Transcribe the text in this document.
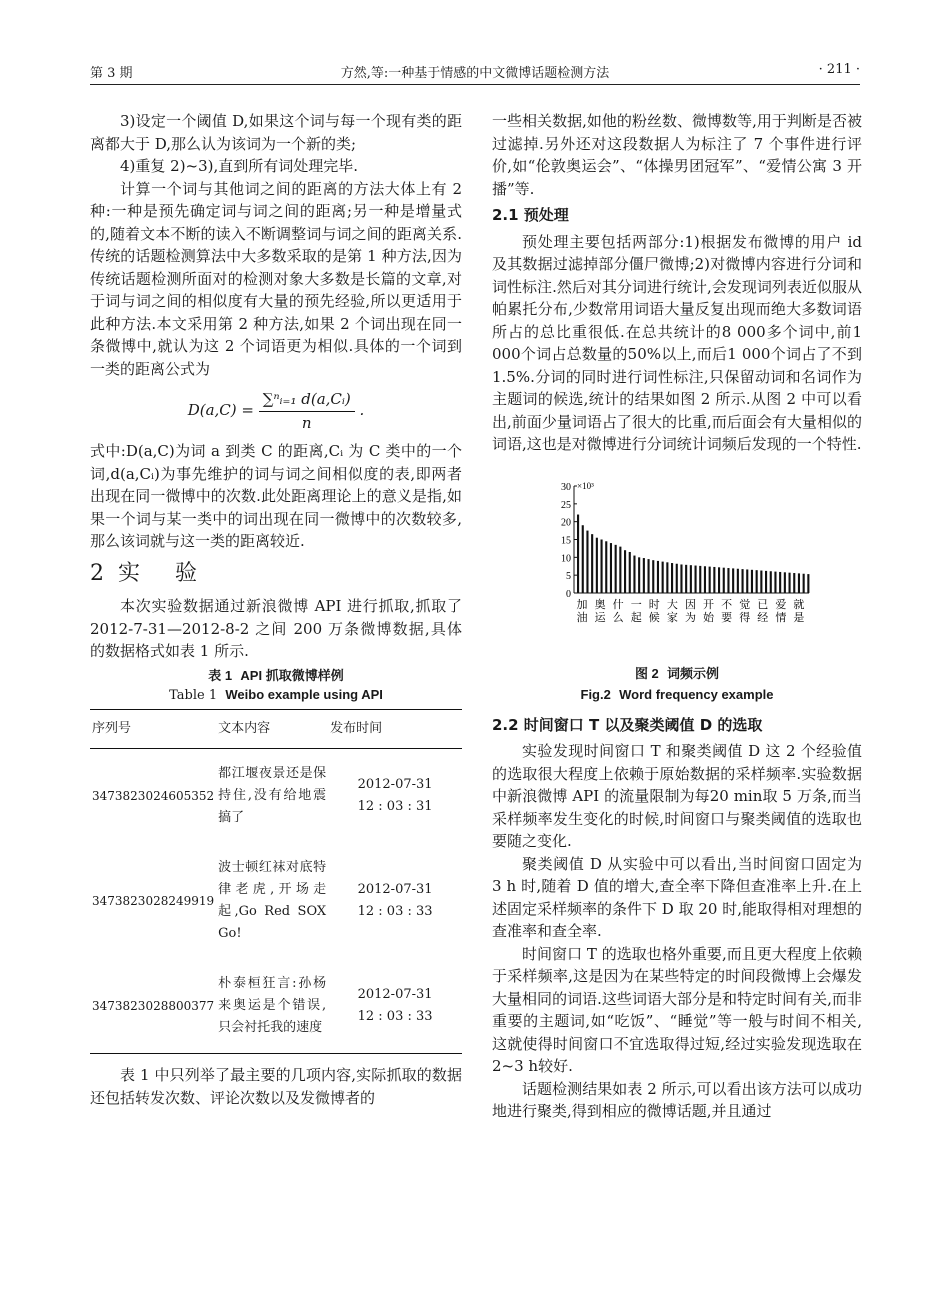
第 3 期	方然,等:一种基于情感的中文微博话题检测方法	· 211 ·

3)设定一个阈值 D,如果这个词与每一个现有类的距离都大于 D,那么认为该词为一个新的类;

4)重复 2)~3),直到所有词处理完毕.

计算一个词与其他词之间的距离的方法大体上有 2 种:一种是预先确定词与词之间的距离;另一种是增量式的,随着文本不断的读入不断调整词与词之间的距离关系.传统的话题检测算法中大多数采取的是第 1 种方法,因为传统话题检测所面对的检测对象大多数是长篇的文章,对于词与词之间的相似度有大量的预先经验,所以更适用于此种方法.本文采用第 2 种方法,如果 2 个词出现在同一条微博中,就认为这 2 个词语更为相似.具体的一个词到一类的距离公式为

$D(a,C) = \frac{\text{∑ⁿᵢ₌₁ d(a,Cᵢ)}}{n}$ .

式中:D(a,C)为词 a 到类 C 的距离,Cᵢ 为 C 类中的一个词,d(a,Cᵢ)为事先维护的词与词之间相似度的表,即两者出现在同一微博中的次数.此处距离理论上的意义是指,如果一个词与某一类中的词出现在同一微博中的次数较多,那么该词就与这一类的距离较近.

2实 验

本次实验数据通过新浪微博 API 进行抓取,抓取了 2012-7-31—2012-8-2 之间 200 万条微博数据,具体的数据格式如表 1 所示.

表 1 API 抓取微博样例
Table 1 Weibo example using API
序列号	文本内容	发布时间
3473823024605352	都江堰夜景还是保持住,没有给地震搞了	2012-07-31
12 : 03 : 31

3473823028249919	波士顿红袜对底特律老虎,开场走起,Go Red SOX Go!	2012-07-31
12 : 03 : 33

3473823028800377	朴泰桓狂言:孙杨来奥运是个错误,只会衬托我的速度	2012-07-31
12 : 03 : 33

表 1 中只列举了最主要的几项内容,实际抓取的数据还包括转发次数、评论次数以及发微博者的

一些相关数据,如他的粉丝数、微博数等,用于判断是否被过滤掉.另外还对这段数据人为标注了 7 个事件进行评价,如“伦敦奥运会”、“体操男团冠军”、“爱情公寓 3 开播”等.

2.1 预处理

预处理主要包括两部分:1)根据发布微博的用户 id 及其数据过滤掉部分僵尸微博;2)对微博内容进行分词和词性标注.然后对其分词进行统计,会发现词列表近似服从帕累托分布,少数常用词语大量反复出现而绝大多数词语所占的总比重很低.在总共统计的8 000多个词中,前1 000个词占总数量的50%以上,而后1 000个词占了不到 1.5%.分词的同时进行词性标注,只保留动词和名词作为主题词的候选,统计的结果如图 2 所示.从图 2 中可以看出,前面少量词语占了很大的比重,而后面会有大量相似的词语,这也是对微博进行分词统计词频后发现的一个特性.

0
5
10
15
20
25
30 ×10³
加油
奥运
什么
一起
时候
大家
因为
开始
不要
觉得
已经
爱情
就是
图 2 词频示例
Fig.2 Word frequency example
2.2 时间窗口 T 以及聚类阈值 D 的选取

实验发现时间窗口 T 和聚类阈值 D 这 2 个经验值的选取很大程度上依赖于原始数据的采样频率.实验数据中新浪微博 API 的流量限制为每20 min取 5 万条,而当采样频率发生变化的时候,时间窗口与聚类阈值的选取也要随之变化.

聚类阈值 D 从实验中可以看出,当时间窗口固定为 3 h 时,随着 D 值的增大,查全率下降但查准率上升.在上述固定采样频率的条件下 D 取 20 时,能取得相对理想的查准率和查全率.

时间窗口 T 的选取也格外重要,而且更大程度上依赖于采样频率,这是因为在某些特定的时间段微博上会爆发大量相同的词语.这些词语大部分是和特定时间有关,而非重要的主题词,如“吃饭”、“睡觉”等一般与时间不相关,这就使得时间窗口不宜选取得过短,经过实验发现选取在2~3 h较好.

话题检测结果如表 2 所示,可以看出该方法可以成功地进行聚类,得到相应的微博话题,并且通过
